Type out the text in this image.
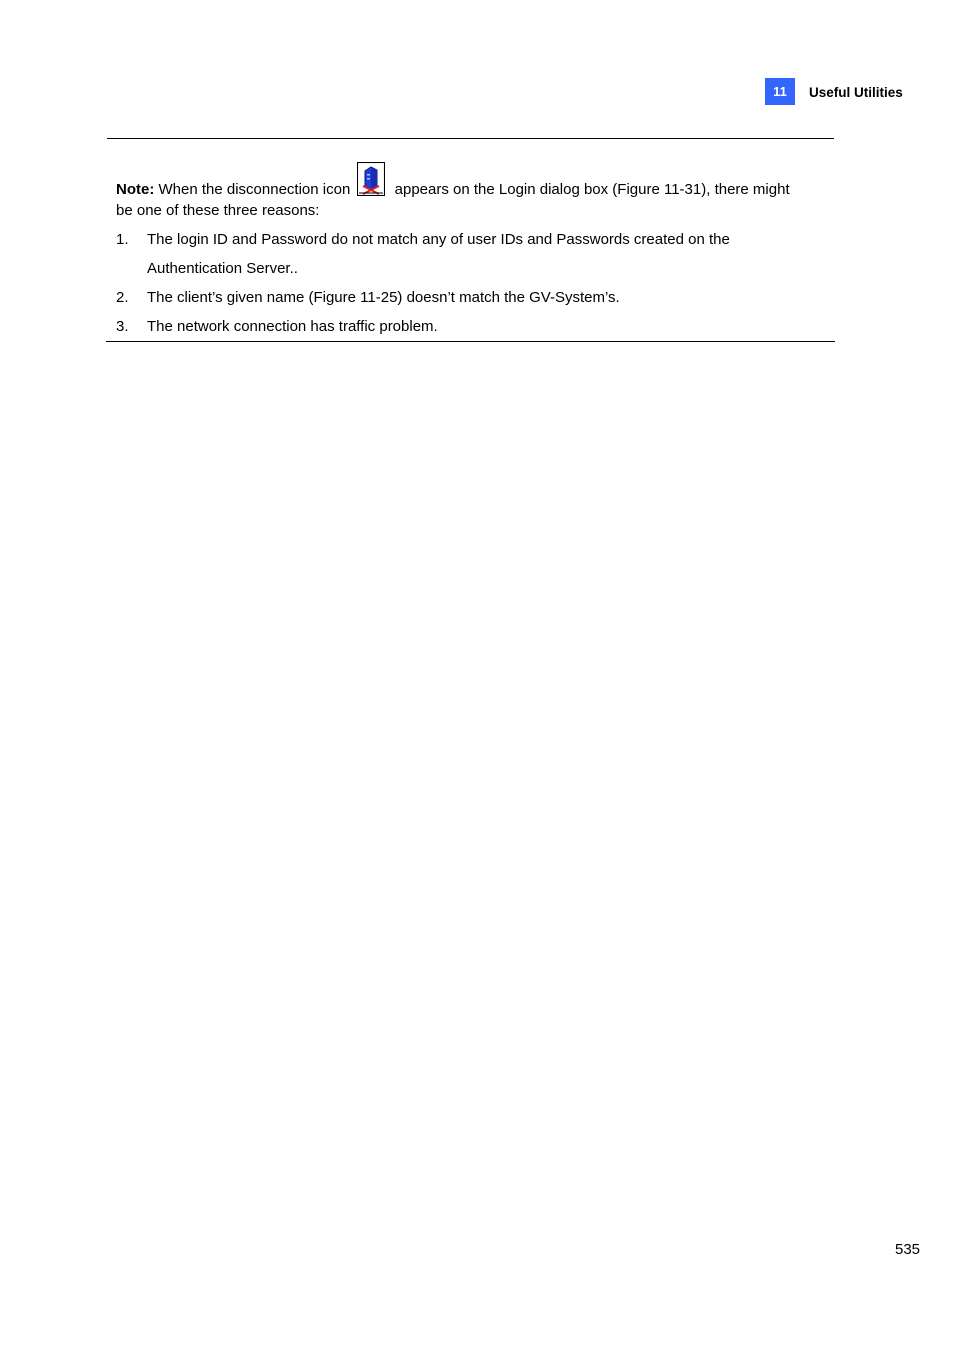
11	Useful Utilities
Note: When the disconnection icon	appears on the Login dialog box (Figure 11-31), there might
be one of these three reasons:
1. The login ID and Password do not match any of user IDs and Passwords created on the
Authentication Server..
2. The client’s given name (Figure 11-25) doesn’t match the GV-System’s.
3. The network connection has traffic problem.
535
